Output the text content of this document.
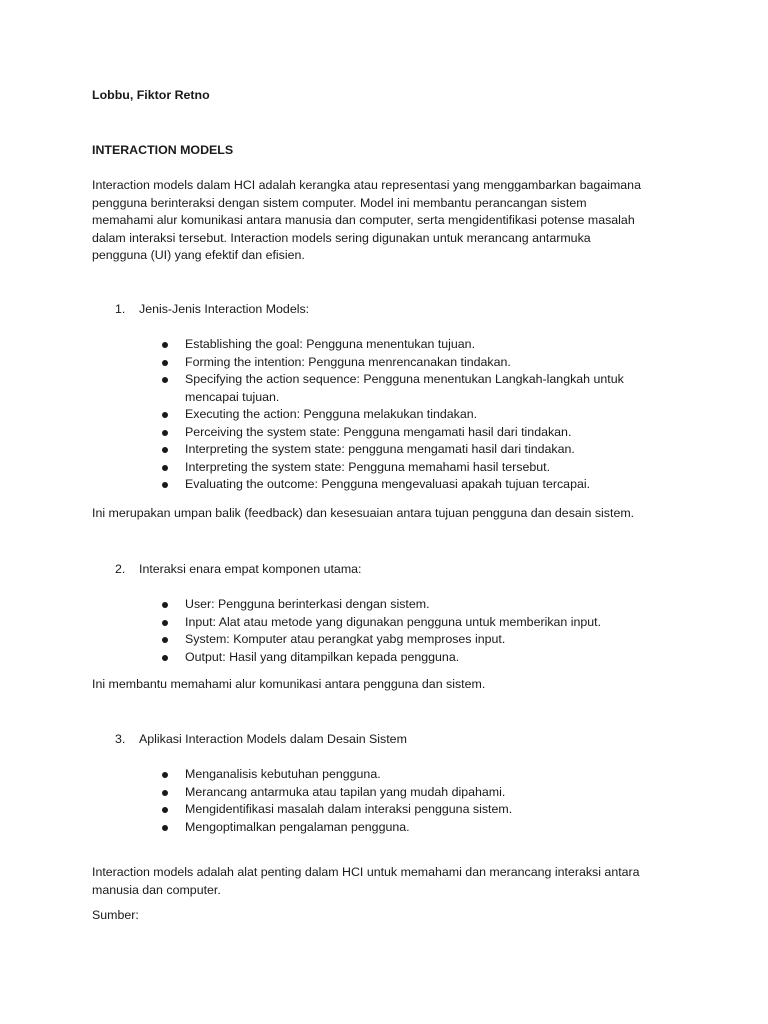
Lobbu, Fiktor Retno
INTERACTION MODELS
Interaction models dalam HCI adalah kerangka atau representasi yang menggambarkan bagaimana
pengguna berinteraksi dengan sistem computer. Model ini membantu perancangan sistem
memahami alur komunikasi antara manusia dan computer, serta mengidentifikasi potense masalah
dalam interaksi tersebut. Interaction models sering digunakan untuk merancang antarmuka
pengguna (UI) yang efektif dan efisien.
1. Jenis-Jenis Interaction Models:
Establishing the goal: Pengguna menentukan tujuan.
Forming the intention: Pengguna menrencanakan tindakan.
Specifying the action sequence: Pengguna menentukan Langkah-langkah untuk
mencapai tujuan.
Executing the action: Pengguna melakukan tindakan.
Perceiving the system state: Pengguna mengamati hasil dari tindakan.
Interpreting the system state: pengguna mengamati hasil dari tindakan.
Interpreting the system state: Pengguna memahami hasil tersebut.
Evaluating the outcome: Pengguna mengevaluasi apakah tujuan tercapai.
Ini merupakan umpan balik (feedback) dan kesesuaian antara tujuan pengguna dan desain sistem.
2. Interaksi enara empat komponen utama:
User: Pengguna berinterkasi dengan sistem.
Input: Alat atau metode yang digunakan pengguna untuk memberikan input.
System: Komputer atau perangkat yabg memproses input.
Output: Hasil yang ditampilkan kepada pengguna.
Ini membantu memahami alur komunikasi antara pengguna dan sistem.
3. Aplikasi Interaction Models dalam Desain Sistem
Menganalisis kebutuhan pengguna.
Merancang antarmuka atau tapilan yang mudah dipahami.
Mengidentifikasi masalah dalam interaksi pengguna sistem.
Mengoptimalkan pengalaman pengguna.
Interaction models adalah alat penting dalam HCI untuk memahami dan merancang interaksi antara
manusia dan computer.
Sumber:
